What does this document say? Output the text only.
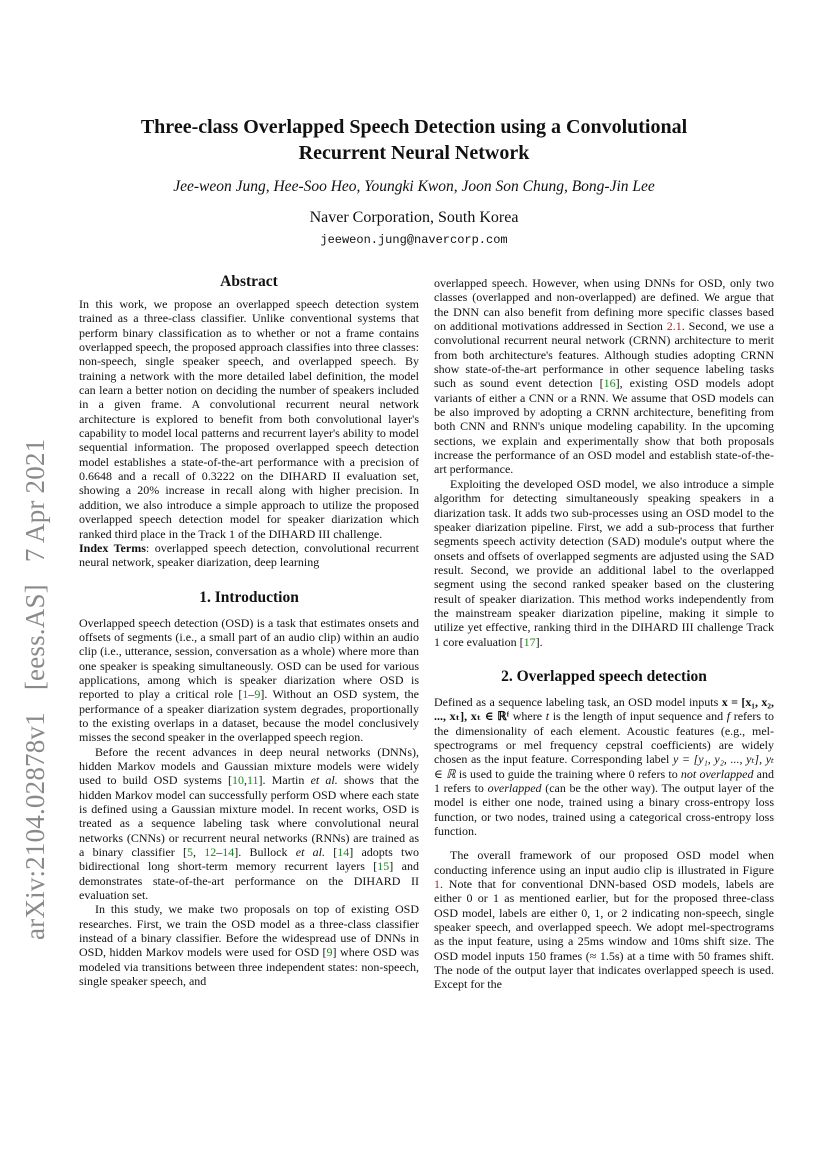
arXiv:2104.02878v1[eess.AS]7 Apr 2021
Three-class Overlapped Speech Detection using a Convolutional Recurrent Neural Network
Jee-weon Jung, Hee-Soo Heo, Youngki Kwon, Joon Son Chung, Bong-Jin Lee
Naver Corporation, South Korea
jeeweon.jung@navercorp.com
Abstract

In this work, we propose an overlapped speech detection system trained as a three-class classifier. Unlike conventional systems that perform binary classification as to whether or not a frame contains overlapped speech, the proposed approach classifies into three classes: non-speech, single speaker speech, and overlapped speech. By training a network with the more detailed label definition, the model can learn a better notion on deciding the number of speakers included in a given frame. A convolutional recurrent neural network architecture is explored to benefit from both convolutional layer's capability to model local patterns and recurrent layer's ability to model sequential information. The proposed overlapped speech detection model establishes a state-of-the-art performance with a precision of 0.6648 and a recall of 0.3222 on the DIHARD II evaluation set, showing a 20% increase in recall along with higher precision. In addition, we also introduce a simple approach to utilize the proposed overlapped speech detection model for speaker diarization which ranked third place in the Track 1 of the DIHARD III challenge.

Index Terms: overlapped speech detection, convolutional recurrent neural network, speaker diarization, deep learning

1. Introduction

Overlapped speech detection (OSD) is a task that estimates onsets and offsets of segments (i.e., a small part of an audio clip) within an audio clip (i.e., utterance, session, conversation as a whole) where more than one speaker is speaking simultaneously. OSD can be used for various applications, among which is speaker diarization where OSD is reported to play a critical role [1–9]. Without an OSD system, the performance of a speaker diarization system degrades, proportionally to the existing overlaps in a dataset, because the model conclusively misses the second speaker in the overlapped speech region.

Before the recent advances in deep neural networks (DNNs), hidden Markov models and Gaussian mixture models were widely used to build OSD systems [10,11]. Martin et al. shows that the hidden Markov model can successfully perform OSD where each state is defined using a Gaussian mixture model. In recent works, OSD is treated as a sequence labeling task where convolutional neural networks (CNNs) or recurrent neural networks (RNNs) are trained as a binary classifier [5, 12–14]. Bullock et al. [14] adopts two bidirectional long short-term memory recurrent layers [15] and demonstrates state-of-the-art performance on the DIHARD II evaluation set.

In this study, we make two proposals on top of existing OSD researches. First, we train the OSD model as a three-class classifier instead of a binary classifier. Before the widespread use of DNNs in OSD, hidden Markov models were used for OSD [9] where OSD was modeled via transitions between three independent states: non-speech, single speaker speech, and

overlapped speech. However, when using DNNs for OSD, only two classes (overlapped and non-overlapped) are defined. We argue that the DNN can also benefit from defining more specific classes based on additional motivations addressed in Section 2.1. Second, we use a convolutional recurrent neural network (CRNN) architecture to merit from both architecture's features. Although studies adopting CRNN show state-of-the-art performance in other sequence labeling tasks such as sound event detection [16], existing OSD models adopt variants of either a CNN or a RNN. We assume that OSD models can be also improved by adopting a CRNN architecture, benefiting from both CNN and RNN's unique modeling capability. In the upcoming sections, we explain and experimentally show that both proposals increase the performance of an OSD model and establish state-of-the-art performance.

Exploiting the developed OSD model, we also introduce a simple algorithm for detecting simultaneously speaking speakers in a diarization task. It adds two sub-processes using an OSD model to the speaker diarization pipeline. First, we add a sub-process that further segments speech activity detection (SAD) module's output where the onsets and offsets of overlapped segments are adjusted using the SAD result. Second, we provide an additional label to the overlapped segment using the second ranked speaker based on the clustering result of speaker diarization. This method works independently from the mainstream speaker diarization pipeline, making it simple to utilize yet effective, ranking third in the DIHARD III challenge Track 1 core evaluation [17].

2. Overlapped speech detection

Defined as a sequence labeling task, an OSD model inputs x = [x₁, x₂, ..., xₜ], xₜ ∈ ℝᶠ where t is the length of input sequence and f refers to the dimensionality of each element. Acoustic features (e.g., mel-spectrograms or mel frequency cepstral coefficients) are widely chosen as the input feature. Corresponding label y = [y₁, y₂, ..., yₜ], yₜ ∈ ℝ is used to guide the training where 0 refers to not overlapped and 1 refers to overlapped (can be the other way). The output layer of the model is either one node, trained using a binary cross-entropy loss function, or two nodes, trained using a categorical cross-entropy loss function.

The overall framework of our proposed OSD model when conducting inference using an input audio clip is illustrated in Figure 1. Note that for conventional DNN-based OSD models, labels are either 0 or 1 as mentioned earlier, but for the proposed three-class OSD model, labels are either 0, 1, or 2 indicating non-speech, single speaker speech, and overlapped speech. We adopt mel-spectrograms as the input feature, using a 25ms window and 10ms shift size. The OSD model inputs 150 frames (≈ 1.5s) at a time with 50 frames shift. The node of the output layer that indicates overlapped speech is used. Except for the
